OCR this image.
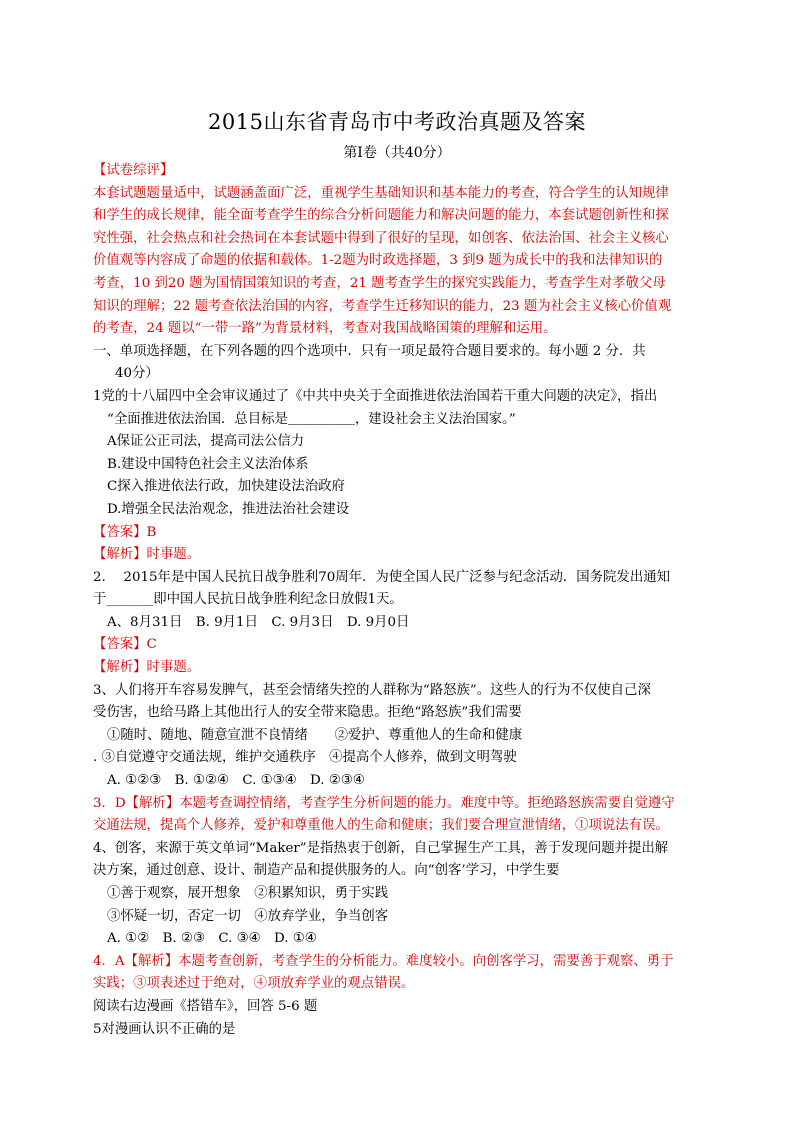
2015山东省青岛市中考政治真题及答案
第Ⅰ卷（共40分）

【试卷综评】

本套试题题量适中，试题涵盖面广泛，重视学生基础知识和基本能力的考查，符合学生的认知规律

和学生的成长规律，能全面考查学生的综合分析问题能力和解决问题的能力，本套试题创新性和探

究性强，社会热点和社会热词在本套试题中得到了很好的呈现，如创客、依法治国、社会主义核心

价值观等内容成了命题的依据和载体。1-2题为时政选择题，3 到9 题为成长中的我和法律知识的

考查，10 到20 题为国情国策知识的考查，21 题考查学生的探究实践能力，考查学生对孝敬父母

知识的理解；22 题考查依法治国的内容，考查学生迁移知识的能力，23 题为社会主义核心价值观

的考查，24 题以“一带一路”为背景材料，考查对我国战略国策的理解和运用。

一、单项选择题，在下列各题的四个选项中．只有一项足最符合题目要求的。每小题 2 分．共

40分）

1党的十八届四中全会审议通过了《中共中央关于全面推进依法治国若干重大问题的决定》，指出

“全面推进依法治国．总目标是＿＿＿＿＿，建设社会主义法治国家。”

A保证公正司法，提高司法公信力

B.建设中国特色社会主义法治体系

C探入推进依法行政，加快建设法治政府

D.增强全民法治观念，推进法治社会建设

【答案】B

【解析】时事题。

2.　 2015年是中国人民抗日战争胜利70周年．为使全国人民广泛参与纪念活动．国务院发出通知

于_______即中国人民抗日战争胜利纪念日放假1天。

A、8月31日　B. 9月1日　C. 9月3日　D. 9月0日

【答案】C

【解析】时事题。

3、人们将开车容易发脾气，甚至会情绪失控的人群称为“路怒族”。这些人的行为不仅使自己深

受伤害，也给马路上其他出行人的安全带来隐患。拒绝“路怒族”我们需要

①随时、随地、随意宣泄不良情绪　　②爱护、尊重他人的生命和健康

. ③自觉遵守交通法规，维护交通秩序　④提高个人修养，做到文明驾驶

A. ①②③　B. ①②④　C. ①③④　D. ②③④

3．D【解析】本题考查调控情绪，考查学生分析问题的能力。难度中等。拒绝路怒族需要自觉遵守

交通法规，提高个人修养，爱护和尊重他人的生命和健康；我们要合理宣泄情绪，①项说法有误。

4、创客，来源于英文单词“Maker”是指热衷于创新，自己掌握生产工具，善于发现问题并提出解

决方案，通过创意、设计、制造产品和提供服务的人。向“创客’学习，中学生要

①善于观察，展开想象　②积累知识，勇于实践

③怀疑一切，否定一切　④放弃学业，争当创客

A. ①②　B. ②③　C. ③④　D. ①④

4．A【解析】本题考查创新，考查学生的分析能力。难度较小。向创客学习，需要善于观察、勇于

实践；③项表述过于绝对，④项放弃学业的观点错误。

阅读右边漫画《搭错车》，回答 5-6 题

5对漫画认识不正确的是
